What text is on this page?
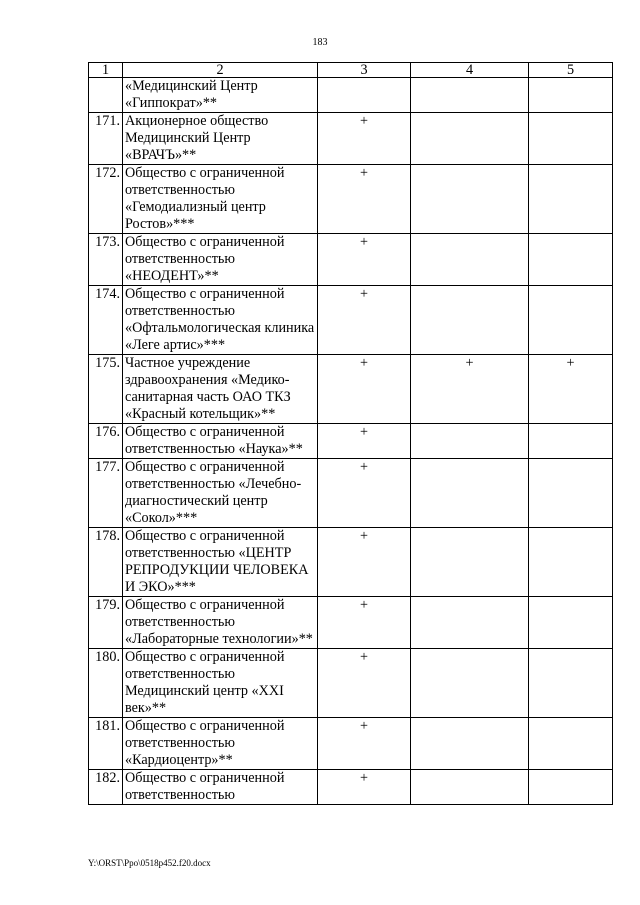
183
1	2	3	4	5
	«Медицинский Центр «Гиппократ»**			
171.	Акционерное общество Медицинский Центр «ВРАЧЪ»**	+		
172.	Общество с ограниченной ответственностью «Гемодиализный центр Ростов»***	+		
173.	Общество с ограниченной ответственностью «НЕОДЕНТ»**	+		
174.	Общество с ограниченной ответственностью «Офтальмологическая клиника «Леге артис»***	+		
175.	Частное учреждение здравоохранения «Медико-санитарная часть ОАО ТКЗ «Красный котельщик»**	+	+	+
176.	Общество с ограниченной ответственностью «Наука»**	+		
177.	Общество с ограниченной ответственностью «Лечебно-диагностический центр «Сокол»***	+		
178.	Общество с ограниченной ответственностью «ЦЕНТР РЕПРОДУКЦИИ ЧЕЛОВЕКА И ЭКО»***	+		
179.	Общество с ограниченной ответственностью «Лабораторные технологии»**	+		
180.	Общество с ограниченной ответственностью Медицинский центр «XXI век»**	+		
181.	Общество с ограниченной ответственностью «Кардиоцентр»**	+		
182.	Общество с ограниченной ответственностью	+		
Y:\ORST\Ppo\0518p452.f20.docx
